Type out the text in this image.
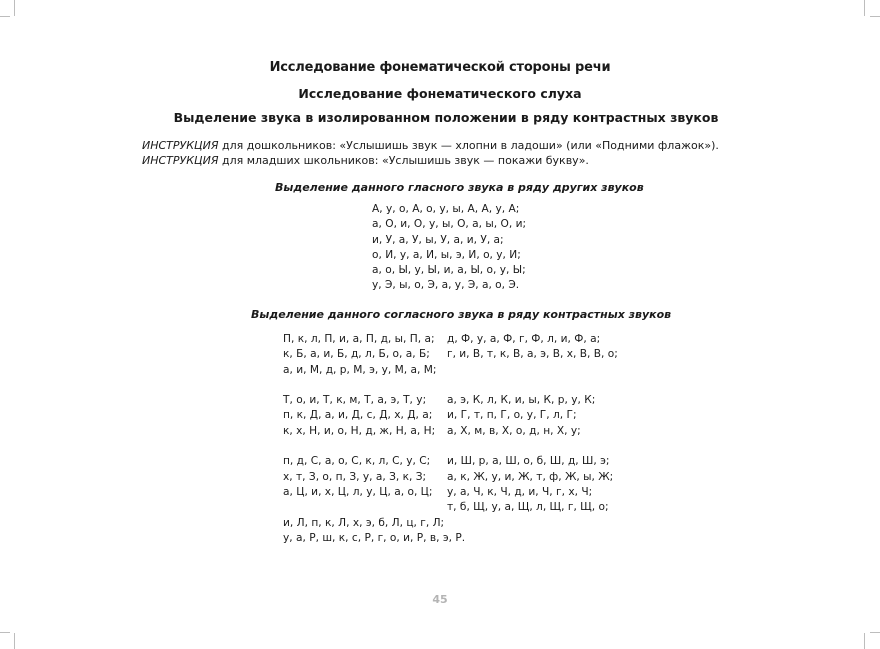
Исследование фонематической стороны речи
Исследование фонематического слуха
Выделение звука в изолированном положении в ряду контрастных звуков
ИНСТРУКЦИЯ для дошкольников: «Услышишь звук — хлопни в ладоши» (или «Подними флажок»).
ИНСТРУКЦИЯ для младших школьников: «Услышишь звук — покажи букву».
Выделение данного гласного звука в ряду других звуков
А, у, о, А, о, у, ы, А, А, у, А;
а, О, и, О, у, ы, О, а, ы, О, и;
и, У, а, У, ы, У, а, и, У, а;
о, И, у, а, И, ы, э, И, о, у, И;
а, о, Ы, у, Ы, и, а, Ы, о, у, Ы;
у, Э, ы, о, Э, а, у, Э, а, о, Э.
Выделение данного согласного звука в ряду контрастных звуков
П, к, л, П, и, а, П, д, ы, П, а;
к, Б, а, и, Б, д, л, Б, о, а, Б;
а, и, М, д, р, М, э, у, М, а, М;

Т, о, и, Т, к, м, Т, а, э, Т, у;
п, к, Д, а, и, Д, с, Д, х, Д, а;
к, х, Н, и, о, Н, д, ж, Н, а, Н;

п, д, С, а, о, С, к, л, С, у, С;
х, т, З, о, п, З, у, а, З, к, З;
а, Ц, и, х, Ц, л, у, Ц, а, о, Ц;

и, Л, п, к, Л, х, э, б, Л, ц, г, Л;
у, а, Р, ш, к, с, Р, г, о, и, Р, в, э, Р.
д, Ф, у, а, Ф, г, Ф, л, и, Ф, а;
г, и, В, т, к, В, а, э, В, х, В, В, о;

а, э, К, л, К, и, ы, К, р, у, К;
и, Г, т, п, Г, о, у, Г, л, Г;
а, Х, м, в, Х, о, д, н, Х, у;

и, Ш, р, а, Ш, о, б, Ш, д, Ш, э;
а, к, Ж, у, и, Ж, т, ф, Ж, ы, Ж;
у, а, Ч, к, Ч, д, и, Ч, г, х, Ч;
т, б, Щ, у, а, Щ, л, Щ, г, Щ, о;
45
